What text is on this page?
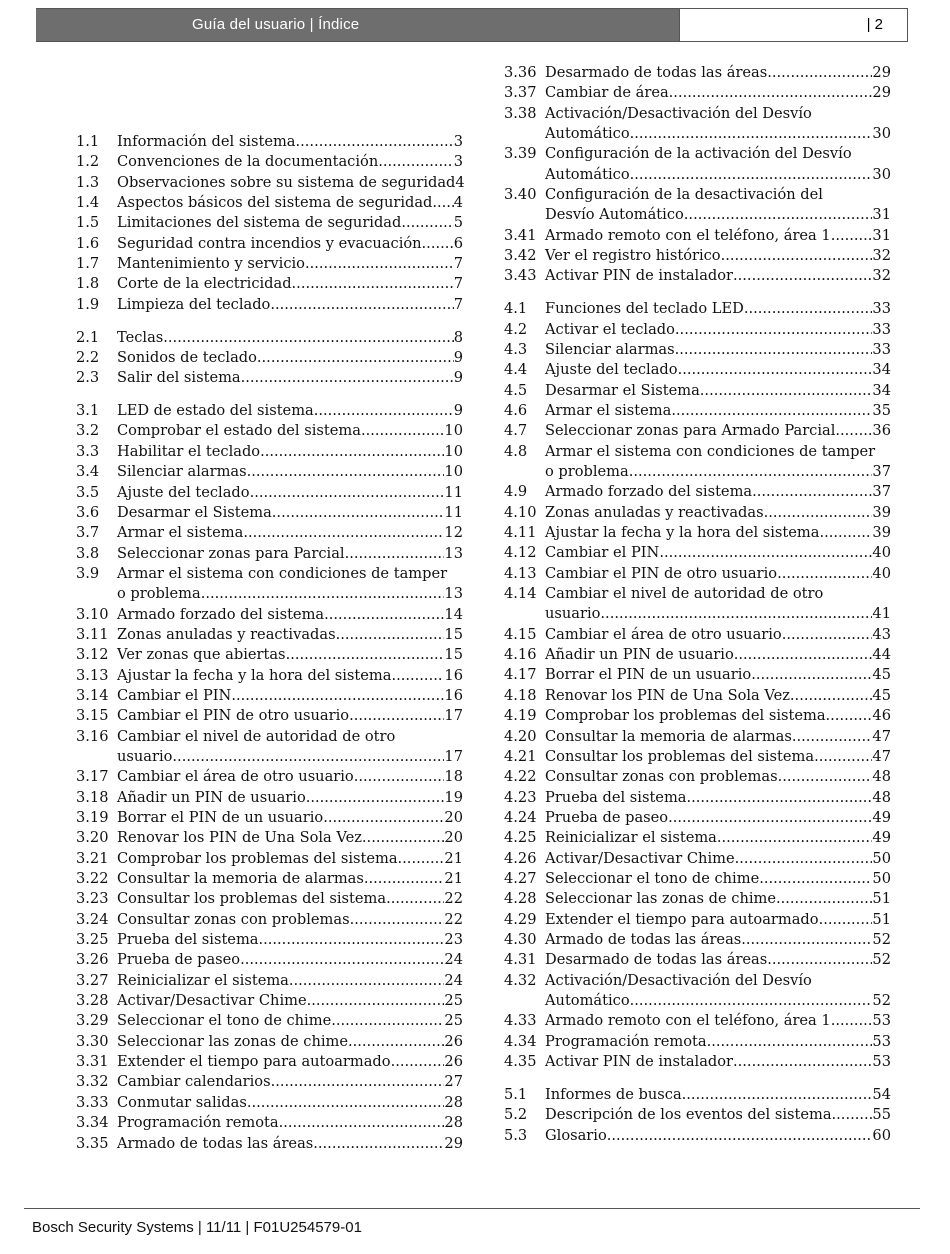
Guía del usuario | Índice	| 2
1.1 Información del sistema .....	3
1.2 Convenciones de la documentación .....	3
1.3 Observaciones sobre su sistema de seguridad 4
1.4 Aspectos básicos del sistema de seguridad ..... 4
1.5 Limitaciones del sistema de seguridad .....	5
1.6 Seguridad contra incendios y evacuación ..... 6
1.7 Mantenimiento y servicio .....	7
1.8 Corte de la electricidad .....	7
1.9 Limpieza del teclado .....	7
2.1 Teclas .....	8
2.2 Sonidos de teclado .....	9
2.3 Salir del sistema .....	9
3.1 LED de estado del sistema .....	9
3.2 Comprobar el estado del sistema .....	10
3.3 Habilitar el teclado .....	10
3.4 Silenciar alarmas .....	10
3.5 Ajuste del teclado .....	11
3.6 Desarmar el Sistema .....	11
3.7 Armar el sistema .....	12
3.8 Seleccionar zonas para Parcial .....	13
3.9 Armar el sistema con condiciones de tamper
o problema .....	13
3.10 Armado forzado del sistema .....	14
3.11 Zonas anuladas y reactivadas .....	15
3.12 Ver zonas que abiertas .....	15
3.13 Ajustar la fecha y la hora del sistema .....	16
3.14 Cambiar el PIN .....	16
3.15 Cambiar el PIN de otro usuario .....	17
3.16 Cambiar el nivel de autoridad de otro
usuario .....	17
3.17 Cambiar el área de otro usuario .....	18
3.18 Añadir un PIN de usuario .....	19
3.19 Borrar el PIN de un usuario .....	20
3.20 Renovar los PIN de Una Sola Vez .....	20
3.21 Comprobar los problemas del sistema .....	21
3.22 Consultar la memoria de alarmas .....	21
3.23 Consultar los problemas del sistema .....	22
3.24 Consultar zonas con problemas .....	22
3.25 Prueba del sistema .....	23
3.26 Prueba de paseo .....	24
3.27 Reinicializar el sistema .....	24
3.28 Activar/Desactivar Chime .....	25
3.29 Seleccionar el tono de chime .....	25
3.30 Seleccionar las zonas de chime .....	26
3.31 Extender el tiempo para autoarmado .....	26
3.32 Cambiar calendarios .....	27
3.33 Conmutar salidas .....	28
3.34 Programación remota .....	28
3.35 Armado de todas las áreas .....	29
3.36 Desarmado de todas las áreas .....	29
3.37 Cambiar de área .....	29
3.38 Activación/Desactivación del Desvío
Automático .....	30
3.39 Configuración de la activación del Desvío
Automático .....	30
3.40 Configuración de la desactivación del
Desvío Automático .....	31
3.41 Armado remoto con el teléfono, área 1 .....	31
3.42 Ver el registro histórico .....	32
3.43 Activar PIN de instalador .....	32
4.1 Funciones del teclado LED .....	33
4.2 Activar el teclado .....	33
4.3 Silenciar alarmas .....	33
4.4 Ajuste del teclado .....	34
4.5 Desarmar el Sistema .....	34
4.6 Armar el sistema .....	35
4.7 Seleccionar zonas para Armado Parcial .....	36
4.8 Armar el sistema con condiciones de tamper
o problema .....	37
4.9 Armado forzado del sistema .....	37
4.10 Zonas anuladas y reactivadas .....	39
4.11 Ajustar la fecha y la hora del sistema .....	39
4.12 Cambiar el PIN .....	40
4.13 Cambiar el PIN de otro usuario .....	40
4.14 Cambiar el nivel de autoridad de otro
usuario .....	41
4.15 Cambiar el área de otro usuario .....	43
4.16 Añadir un PIN de usuario .....	44
4.17 Borrar el PIN de un usuario .....	45
4.18 Renovar los PIN de Una Sola Vez .....	45
4.19 Comprobar los problemas del sistema .....	46
4.20 Consultar la memoria de alarmas .....	47
4.21 Consultar los problemas del sistema .....	47
4.22 Consultar zonas con problemas .....	48
4.23 Prueba del sistema .....	48
4.24 Prueba de paseo .....	49
4.25 Reinicializar el sistema .....	49
4.26 Activar/Desactivar Chime .....	50
4.27 Seleccionar el tono de chime .....	50
4.28 Seleccionar las zonas de chime .....	51
4.29 Extender el tiempo para autoarmado .....	51
4.30 Armado de todas las áreas .....	52
4.31 Desarmado de todas las áreas .....	52
4.32 Activación/Desactivación del Desvío
Automático .....	52
4.33 Armado remoto con el teléfono, área 1 .....	53
4.34 Programación remota .....	53
4.35 Activar PIN de instalador .....	53
5.1 Informes de busca .....	54
5.2 Descripción de los eventos del sistema .....	55
5.3 Glosario .....	60
Bosch Security Systems | 11/11 | F01U254579-01
